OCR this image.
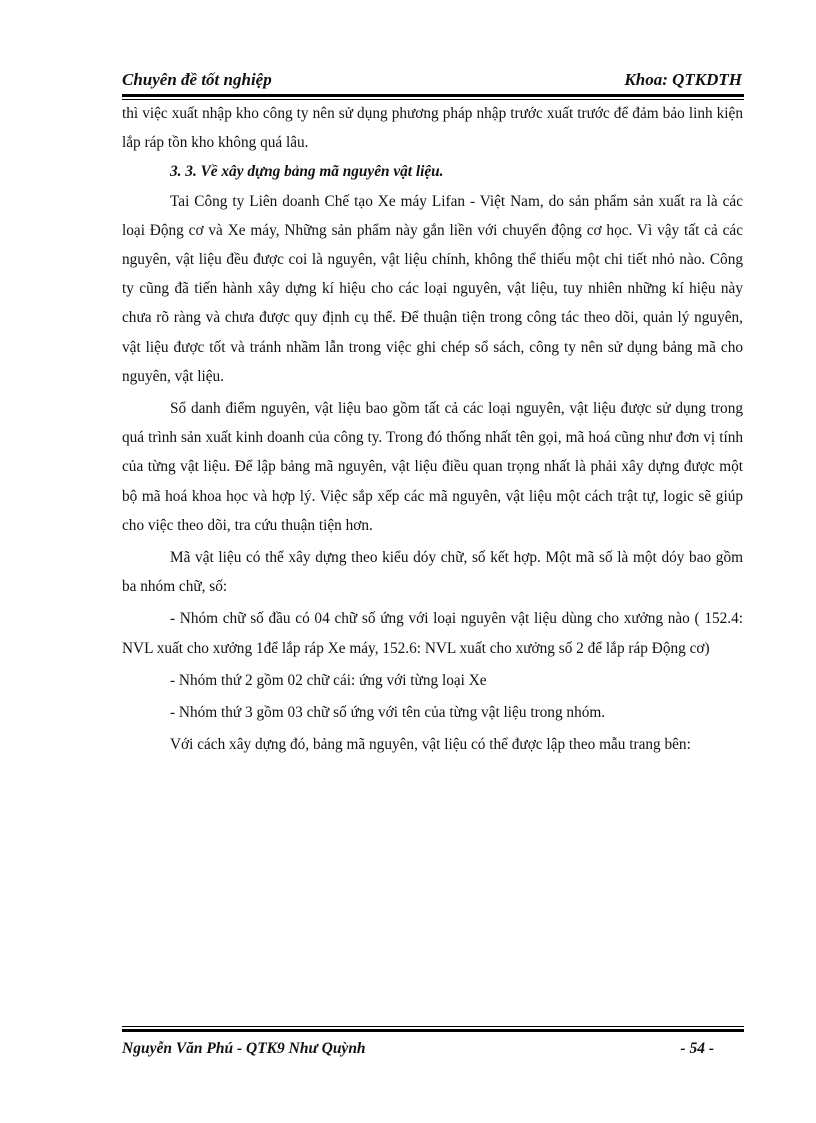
Chuyên đề tốt nghiệp	Khoa: QTKDTH

thì việc xuất nhập kho công ty nên sử dụng phương pháp nhập trước xuất trước để đảm bảo linh kiện lắp ráp tồn kho không quá lâu.

3. 3. Về xây dựng bảng mã nguyên vật liệu.

Tai Công ty Liên doanh Chế tạo Xe máy Lifan - Việt Nam, do sản phẩm sản xuất ra là các loại Động cơ và Xe máy, Những sản phẩm này gắn liền với chuyển động cơ học. Vì vậy tất cả các nguyên, vật liệu đều được coi là nguyên, vật liệu chính, không thể thiếu một chi tiết nhỏ nào. Công ty cũng đã tiến hành xây dựng kí hiệu cho các loại nguyên, vật liệu, tuy nhiên những kí hiệu này chưa rõ ràng và chưa được quy định cụ thể. Để thuận tiện trong công tác theo dõi, quản lý nguyên, vật liệu được tốt và tránh nhầm lẫn trong việc ghi chép sổ sách, công ty nên sử dụng bảng mã cho nguyên, vật liệu.

Sổ danh điểm nguyên, vật liệu bao gồm tất cả các loại nguyên, vật liệu được sử dụng trong quá trình sản xuất kinh doanh của công ty. Trong đó thống nhất tên gọi, mã hoá cũng như đơn vị tính của từng vật liệu. Để lập bảng mã nguyên, vật liệu điều quan trọng nhất là phải xây dựng được một bộ mã hoá khoa học và hợp lý. Việc sắp xếp các mã nguyên, vật liệu một cách trật tự, logic sẽ giúp cho việc theo dõi, tra cứu thuận tiện hơn.

Mã vật liệu có thể xây dựng theo kiểu dóy chữ, số kết hợp. Một mã số là một dóy bao gồm ba nhóm chữ, số:

- Nhóm chữ số đầu có 04 chữ số ứng với loại nguyên vật liệu dùng cho xưởng nào ( 152.4: NVL xuất cho xưởng 1để lắp ráp Xe máy, 152.6: NVL xuất cho xưởng số 2 để lắp ráp Động cơ)

- Nhóm thứ 2 gồm 02 chữ cái: ứng với từng loại Xe

- Nhóm thứ 3 gồm 03 chữ số ứng với tên của từng vật liệu trong nhóm.

Với cách xây dựng đó, bảng mã nguyên, vật liệu có thể được lập theo mẫu trang bên:

Nguyễn Văn Phú - QTK9 Như Quỳnh	- 54 -
